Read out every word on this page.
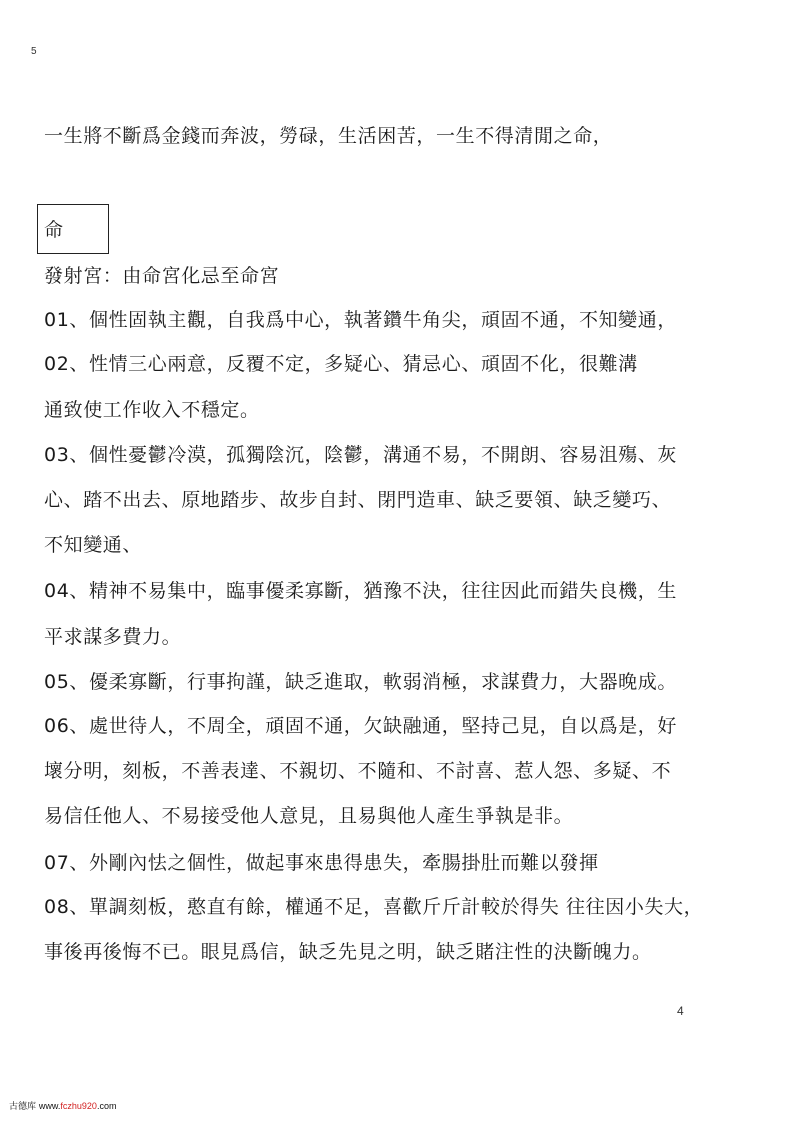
5
一生將不斷爲金錢而奔波，勞碌，生活困苦，一生不得清閒之命，
命
發射宮：由命宮化忌至命宮
01、個性固執主觀，自我爲中心，執著鑽牛角尖，頑固不通，不知變通，
02、性情三心兩意，反覆不定，多疑心、猜忌心、頑固不化，很難溝
通致使工作收入不穩定。
03、個性憂鬱冷漠，孤獨陰沉，陰鬱，溝通不易，不開朗、容易沮殤、灰
心、踏不出去、原地踏步、故步自封、閉門造車、缺乏要領、缺乏變巧、
不知變通、
04、精神不易集中，臨事優柔寡斷，猶豫不決，往往因此而錯失良機，生
平求謀多費力。
05、優柔寡斷，行事拘謹，缺乏進取，軟弱消極，求謀費力，大器晚成。
06、處世待人，不周全，頑固不通，欠缺融通，堅持己見，自以爲是，好
壞分明，刻板，不善表達、不親切、不隨和、不討喜、惹人怨、多疑、不
易信任他人、不易接受他人意見，且易與他人產生爭執是非。
07、外剛內怯之個性，做起事來患得患失，牽腸掛肚而難以發揮
08、單調刻板，憨直有餘，權通不足，喜歡斤斤計較於得失 往往因小失大，
事後再後悔不已。眼見爲信，缺乏先見之明，缺乏賭注性的決斷魄力。
4
古德库 www.fczhu920.com
